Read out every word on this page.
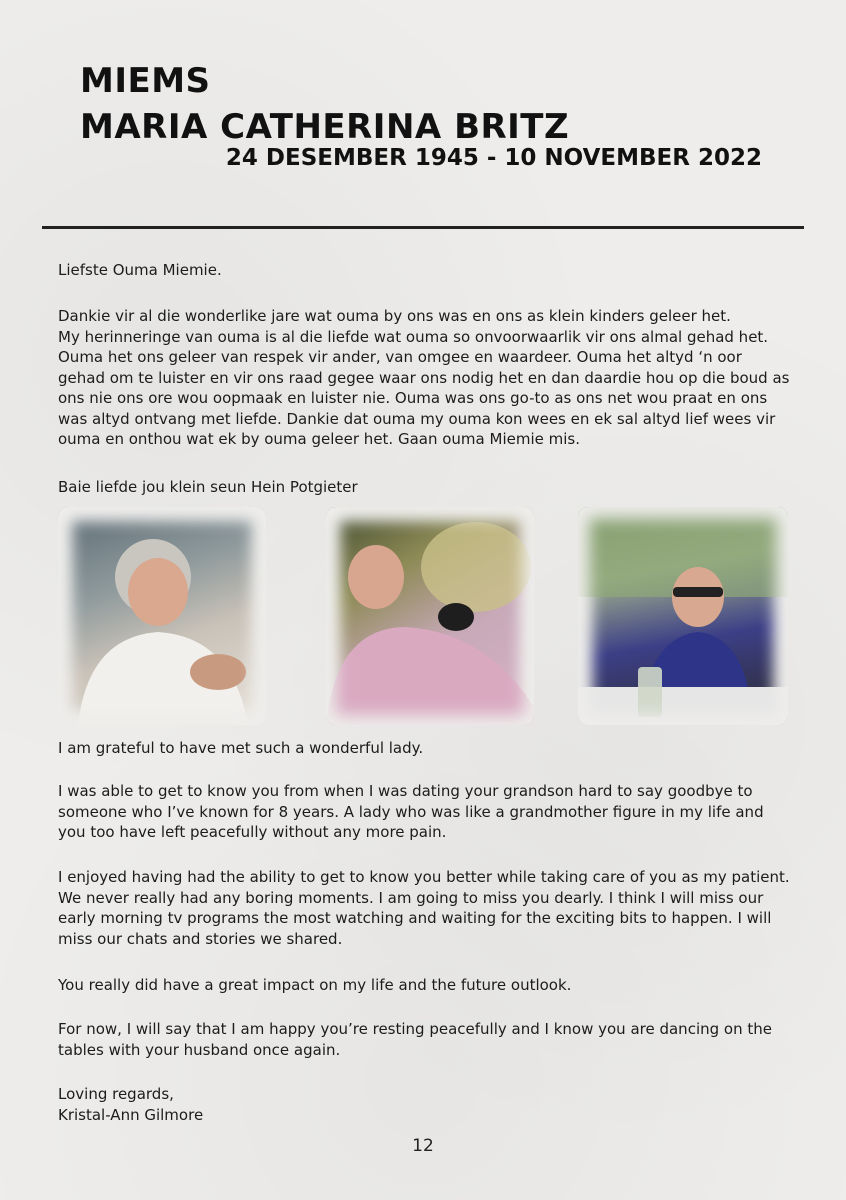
MIEMS
MARIA CATHERINA BRITZ
24 DESEMBER 1945 - 10 NOVEMBER 2022

Liefste Ouma Miemie.

Dankie vir al die wonderlike jare wat ouma by ons was en ons as klein kinders geleer het.
My herinneringe van ouma is al die liefde wat ouma so onvoorwaarlik vir ons almal gehad het.
Ouma het ons geleer van respek vir ander, van omgee en waardeer. Ouma het altyd ‘n oor
gehad om te luister en vir ons raad gegee waar ons nodig het en dan daardie hou op die boud as
ons nie ons ore wou oopmaak en luister nie. Ouma was ons go-to as ons net wou praat en ons
was altyd ontvang met liefde. Dankie dat ouma my ouma kon wees en ek sal altyd lief wees vir
ouma en onthou wat ek by ouma geleer het. Gaan ouma Miemie mis.

Baie liefde jou klein seun Hein Potgieter

I am grateful to have met such a wonderful lady.

I was able to get to know you from when I was dating your grandson hard to say goodbye to
someone who I’ve known for 8 years. A lady who was like a grandmother figure in my life and
you too have left peacefully without any more pain.

I enjoyed having had the ability to get to know you better while taking care of you as my patient.
We never really had any boring moments. I am going to miss you dearly. I think I will miss our
early morning tv programs the most watching and waiting for the exciting bits to happen. I will
miss our chats and stories we shared.

You really did have a great impact on my life and the future outlook.

For now, I will say that I am happy you’re resting peacefully and I know you are dancing on the
tables with your husband once again.

Loving regards,
Kristal-Ann Gilmore

12
